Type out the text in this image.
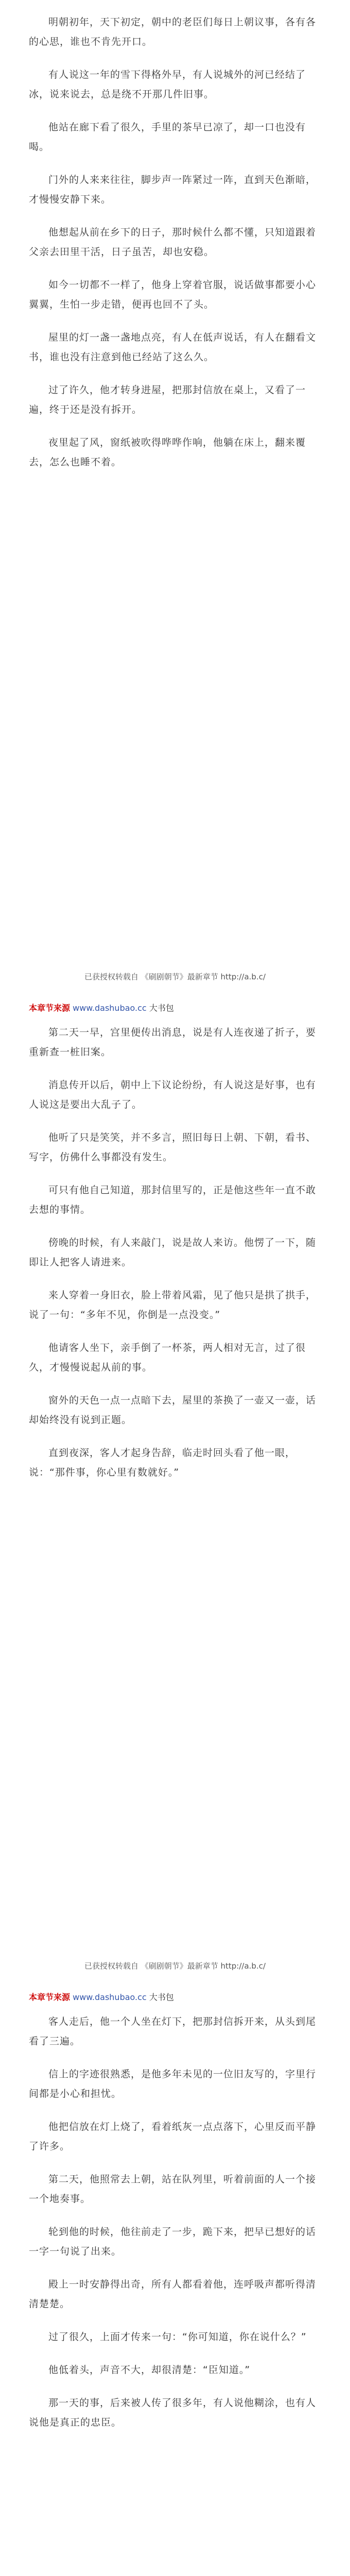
明朝初年，天下初定，朝中的老臣们每日上朝议事，各有各的心思，谁也不肯先开口。

有人说这一年的雪下得格外早，有人说城外的河已经结了冰，说来说去，总是绕不开那几件旧事。

他站在廊下看了很久，手里的茶早已凉了，却一口也没有喝。

门外的人来来往往，脚步声一阵紧过一阵，直到天色渐暗，才慢慢安静下来。

他想起从前在乡下的日子，那时候什么都不懂，只知道跟着父亲去田里干活，日子虽苦，却也安稳。

如今一切都不一样了，他身上穿着官服，说话做事都要小心翼翼，生怕一步走错，便再也回不了头。

屋里的灯一盏一盏地点亮，有人在低声说话，有人在翻看文书，谁也没有注意到他已经站了这么久。

过了许久，他才转身进屋，把那封信放在桌上，又看了一遍，终于还是没有拆开。

夜里起了风，窗纸被吹得哗哗作响，他躺在床上，翻来覆去，怎么也睡不着。

已获授权转载自 《刷剧朝节》最新章节 http://a.b.c/
本章节来源 www.dashubao.cc 大书包

第二天一早，宫里便传出消息，说是有人连夜递了折子，要重新查一桩旧案。

消息传开以后，朝中上下议论纷纷，有人说这是好事，也有人说这是要出大乱子了。

他听了只是笑笑，并不多言，照旧每日上朝、下朝，看书、写字，仿佛什么事都没有发生。

可只有他自己知道，那封信里写的，正是他这些年一直不敢去想的事情。

傍晚的时候，有人来敲门，说是故人来访。他愣了一下，随即让人把客人请进来。

来人穿着一身旧衣，脸上带着风霜，见了他只是拱了拱手，说了一句：“多年不见，你倒是一点没变。”

他请客人坐下，亲手倒了一杯茶，两人相对无言，过了很久，才慢慢说起从前的事。

窗外的天色一点一点暗下去，屋里的茶换了一壶又一壶，话却始终没有说到正题。

直到夜深，客人才起身告辞，临走时回头看了他一眼，说：“那件事，你心里有数就好。”

已获授权转载自 《刷剧朝节》最新章节 http://a.b.c/
本章节来源 www.dashubao.cc 大书包

客人走后，他一个人坐在灯下，把那封信拆开来，从头到尾看了三遍。

信上的字迹很熟悉，是他多年未见的一位旧友写的，字里行间都是小心和担忧。

他把信放在灯上烧了，看着纸灰一点点落下，心里反而平静了许多。

第二天，他照常去上朝，站在队列里，听着前面的人一个接一个地奏事。

轮到他的时候，他往前走了一步，跪下来，把早已想好的话一字一句说了出来。

殿上一时安静得出奇，所有人都看着他，连呼吸声都听得清清楚楚。

过了很久，上面才传来一句：“你可知道，你在说什么？”

他低着头，声音不大，却很清楚：“臣知道。”

那一天的事，后来被人传了很多年，有人说他糊涂，也有人说他是真正的忠臣。
